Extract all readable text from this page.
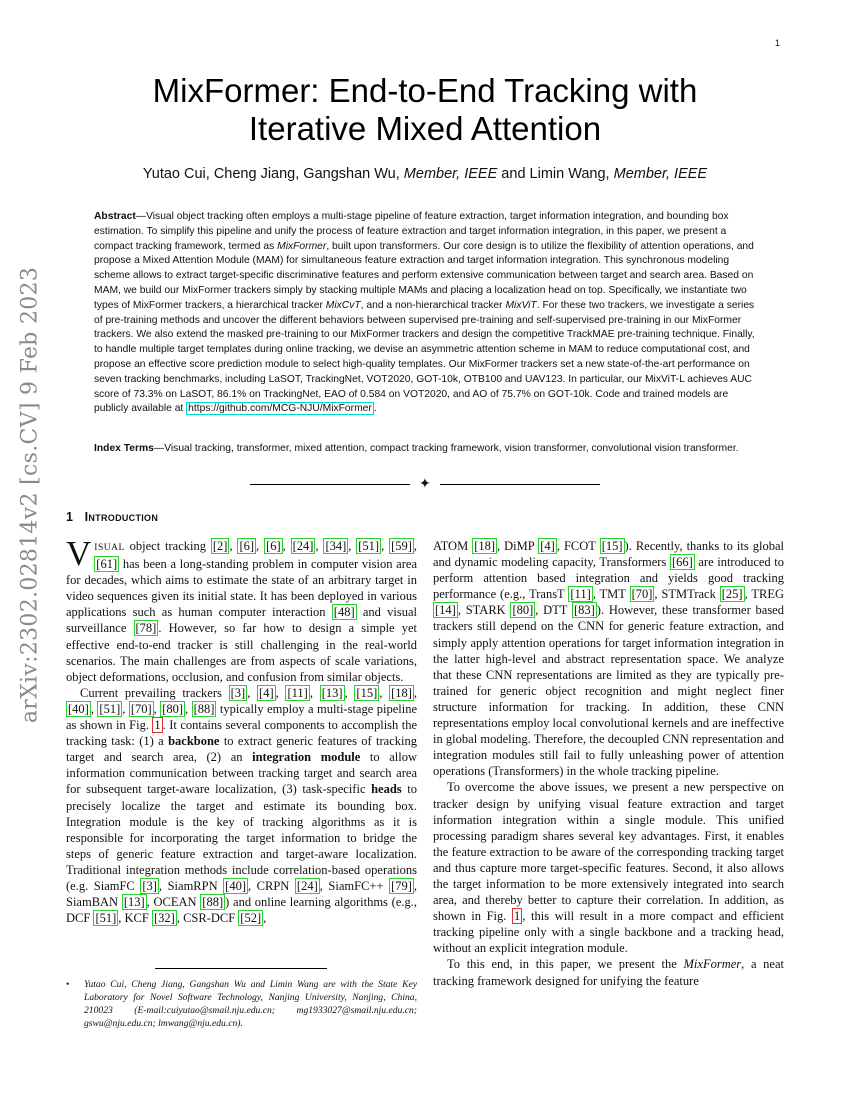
1
arXiv:2302.02814v2 [cs.CV] 9 Feb 2023
MixFormer: End-to-End Tracking with Iterative Mixed Attention
Yutao Cui, Cheng Jiang, Gangshan Wu, Member, IEEE and Limin Wang, Member, IEEE
Abstract—Visual object tracking often employs a multi-stage pipeline of feature extraction, target information integration, and bounding box estimation. To simplify this pipeline and unify the process of feature extraction and target information integration, in this paper, we present a compact tracking framework, termed as MixFormer, built upon transformers. Our core design is to utilize the flexibility of attention operations, and propose a Mixed Attention Module (MAM) for simultaneous feature extraction and target information integration. This synchronous modeling scheme allows to extract target-specific discriminative features and perform extensive communication between target and search area. Based on MAM, we build our MixFormer trackers simply by stacking multiple MAMs and placing a localization head on top. Specifically, we instantiate two types of MixFormer trackers, a hierarchical tracker MixCvT, and a non-hierarchical tracker MixViT. For these two trackers, we investigate a series of pre-training methods and uncover the different behaviors between supervised pre-training and self-supervised pre-training in our MixFormer trackers. We also extend the masked pre-training to our MixFormer trackers and design the competitive TrackMAE pre-training technique. Finally, to handle multiple target templates during online tracking, we devise an asymmetric attention scheme in MAM to reduce computational cost, and propose an effective score prediction module to select high-quality templates. Our MixFormer trackers set a new state-of-the-art performance on seven tracking benchmarks, including LaSOT, TrackingNet, VOT2020, GOT-10k, OTB100 and UAV123. In particular, our MixViT-L achieves AUC score of 73.3% on LaSOT, 86.1% on TrackingNet, EAO of 0.584 on VOT2020, and AO of 75.7% on GOT-10k. Code and trained models are publicly available at https://github.com/MCG-NJU/MixFormer .
Index Terms—Visual tracking, transformer, mixed attention, compact tracking framework, vision transformer, convolutional vision transformer.
✦
1 Introduction

VISUAL object tracking [2] , [6] , [6] , [24] , [34] , [51] , [59] , [61] has been a long-standing problem in computer vision area for decades, which aims to estimate the state of an arbitrary target in video sequences given its initial state. It has been deployed in various applications such as human computer interaction [48] and visual surveillance [78] . However, so far how to design a simple yet effective end-to-end tracker is still challenging in the real-world scenarios. The main challenges are from aspects of scale variations, object deformations, occlusion, and confusion from similar objects.

Current prevailing trackers [3] , [4] , [11] , [13] , [15] , [18] , [40] , [51] , [70] , [80] , [88] typically employ a multi-stage pipeline as shown in Fig. 1 . It contains several components to accomplish the tracking task: (1) a backbone to extract generic features of tracking target and search area, (2) an integration module to allow information communication between tracking target and search area for subsequent target-aware localization, (3) task-specific heads to precisely localize the target and estimate its bounding box. Integration module is the key of tracking algorithms as it is responsible for incorporating the target information to bridge the steps of generic feature extraction and target-aware localization. Traditional integration methods include correlation-based operations (e.g. SiamFC [3] , SiamRPN [40] , CRPN [24] , SiamFC++ [79] , SiamBAN [13] , OCEAN [88] ) and online learning algorithms (e.g., DCF [51] , KCF [32] , CSR-DCF [52] ,

• Yutao Cui, Cheng Jiang, Gangshan Wu and Limin Wang are with the State Key Laboratory for Novel Software Technology, Nanjing University, Nanjing, China, 210023 (E-mail:cuiyutao@smail.nju.edu.cn; mg1933027@smail.nju.edu.cn; gswu@nju.edu.cn; lmwang@nju.edu.cn).

ATOM [18] , DiMP [4] , FCOT [15] ). Recently, thanks to its global and dynamic modeling capacity, Transformers [66] are introduced to perform attention based integration and yields good tracking performance (e.g., TransT [11] , TMT [70] , STMTrack [25] , TREG [14] , STARK [80] , DTT [83] ). However, these transformer based trackers still depend on the CNN for generic feature extraction, and simply apply attention operations for target information integration in the latter high-level and abstract representation space. We analyze that these CNN representations are limited as they are typically pre-trained for generic object recognition and might neglect finer structure information for tracking. In addition, these CNN representations employ local convolutional kernels and are ineffective in global modeling. Therefore, the decoupled CNN representation and integration modules still fail to fully unleashing power of attention operations (Transformers) in the whole tracking pipeline.

To overcome the above issues, we present a new perspective on tracker design by unifying visual feature extraction and target information integration within a single module. This unified processing paradigm shares several key advantages. First, it enables the feature extraction to be aware of the corresponding tracking target and thus capture more target-specific features. Second, it also allows the target information to be more extensively integrated into search area, and thereby better to capture their correlation. In addition, as shown in Fig. 1 , this will result in a more compact and efficient tracking pipeline only with a single backbone and a tracking head, without an explicit integration module.

To this end, in this paper, we present the MixFormer, a neat tracking framework designed for unifying the feature
